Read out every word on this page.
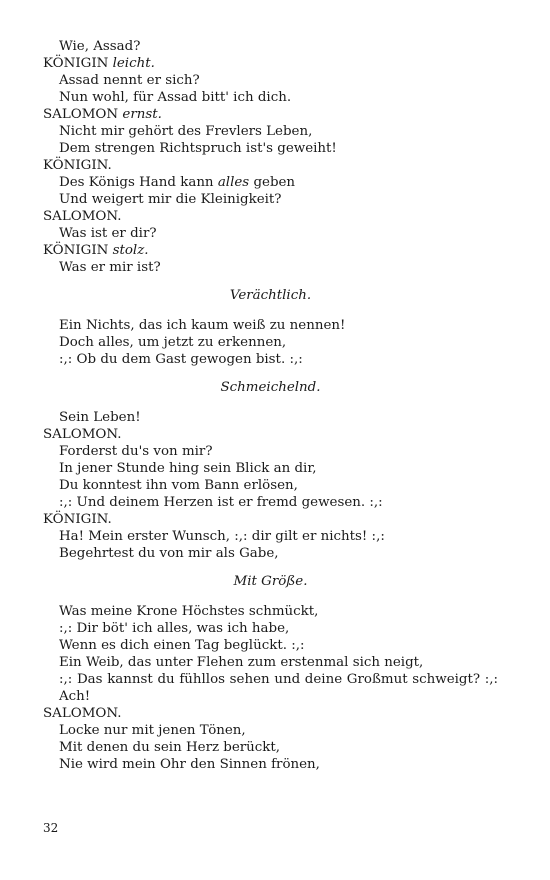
Wie, Assad?
KÖNIGIN leicht.
Assad nennt er sich?
Nun wohl, für Assad bitt' ich dich.
SALOMON ernst.
Nicht mir gehört des Frevlers Leben,
Dem strengen Richtspruch ist's geweiht!
KÖNIGIN.
Des Königs Hand kann alles geben
Und weigert mir die Kleinigkeit?
SALOMON.
Was ist er dir?
KÖNIGIN stolz.
Was er mir ist?
Verächtlich.
Ein Nichts, das ich kaum weiß zu nennen!
Doch alles, um jetzt zu erkennen,
:,: Ob du dem Gast gewogen bist. :,:
Schmeichelnd.
Sein Leben!
SALOMON.
Forderst du's von mir?
In jener Stunde hing sein Blick an dir,
Du konntest ihn vom Bann erlösen,
:,: Und deinem Herzen ist er fremd gewesen. :,:
KÖNIGIN.
Ha! Mein erster Wunsch, :,: dir gilt er nichts! :,:
Begehrtest du von mir als Gabe,
Mit Größe.
Was meine Krone Höchstes schmückt,
:,: Dir böt' ich alles, was ich habe,
Wenn es dich einen Tag beglückt. :,:
Ein Weib, das unter Flehen zum erstenmal sich neigt,
:,: Das kannst du fühllos sehen und deine Großmut schweigt? :,:
Ach!
SALOMON.
Locke nur mit jenen Tönen,
Mit denen du sein Herz berückt,
Nie wird mein Ohr den Sinnen frönen,
32
